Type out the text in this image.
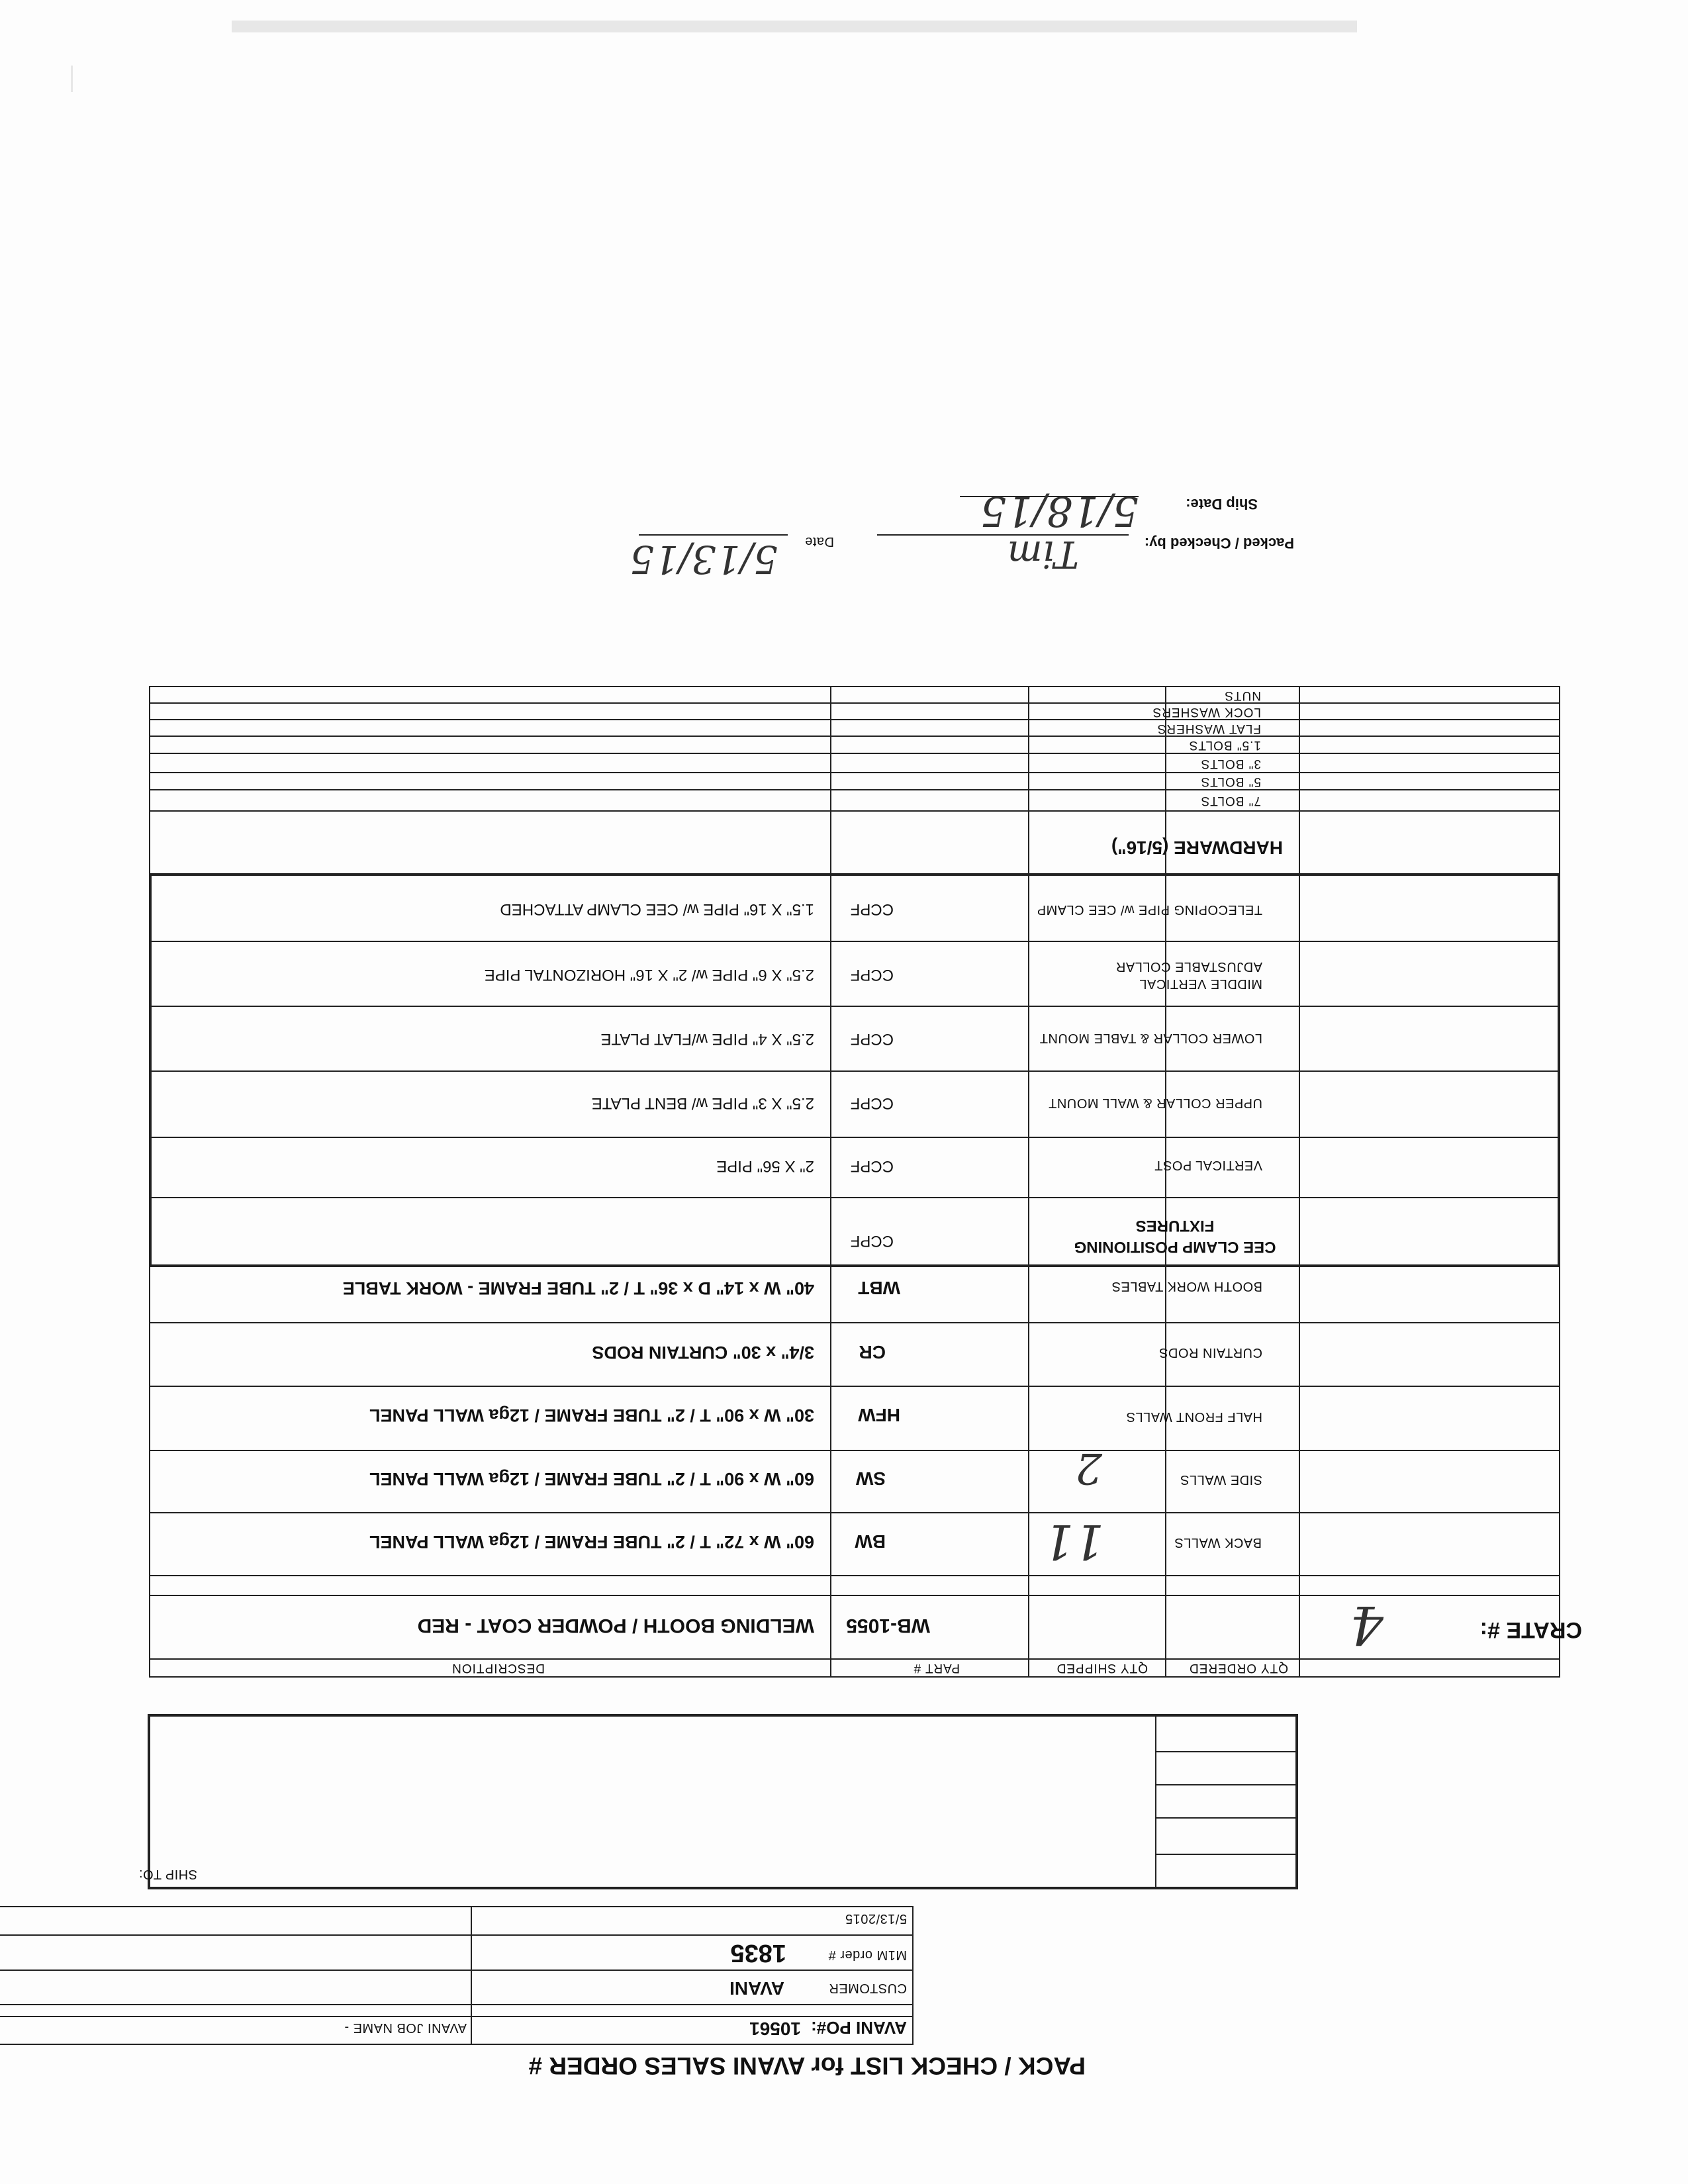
PACK / CHECK LIST for AVANI SALES ORDER #
AVANI PO#:
10561
AVANI JOB NAME -
CUSTOMER
AVANI
M1M order #
1835
5/13/2015
SHIP TO:
QTY ORDERED
QTY SHIPPED
PART #
DESCRIPTION
CRATE #:
4
WB-1055
WELDING BOOTH / POWDER COAT - RED
BACK WALLS
11
BW
60" W x 72" T / 2" TUBE FRAME / 12ga WALL PANEL
SIDE WALLS
2
SW
60" W x 90" T / 2" TUBE FRAME / 12ga WALL PANEL
HALF FRONT WALLS
HFW
30" W x 90" T / 2" TUBE FRAME / 12ga WALL PANEL
CURTAIN RODS
CR
3/4" x 30" CURTAIN RODS
BOOTH WORK TABLES
WBT
40" W x 14" D x 36" T / 2" TUBE FRAME - WORK TABLE
CEE CLAMP POSITIONING FIXTURES
CCPF
VERTICAL POST
CCPF
2" X 56" PIPE
UPPER COLLAR & WALL MOUNT
CCPF
2.5" X 3" PIPE w/ BENT PLATE
LOWER COLLAR & TABLE MOUNT
CCPF
2.5" X 4" PIPE w/FLAT PLATE
MIDDLE VERTICAL ADJUSTABLE COLLAR
CCPF
2.5" X 6" PIPE w/ 2" X 16" HORIZONTAL PIPE
TELECOPING PIPE w/ CEE CLAMP
CCPF
1.5" X 16" PIPE w/ CEE CLAMP ATTACHED
HARDWARE (5/16")
7" BOLTS
5" BOLTS
3" BOLTS
1.5" BOLTS
FLAT WASHERS
LOCK WASHERS
NUTS
Packed / Checked by:
Tim
Date
5/13/15
Ship Date:
5/18/15
